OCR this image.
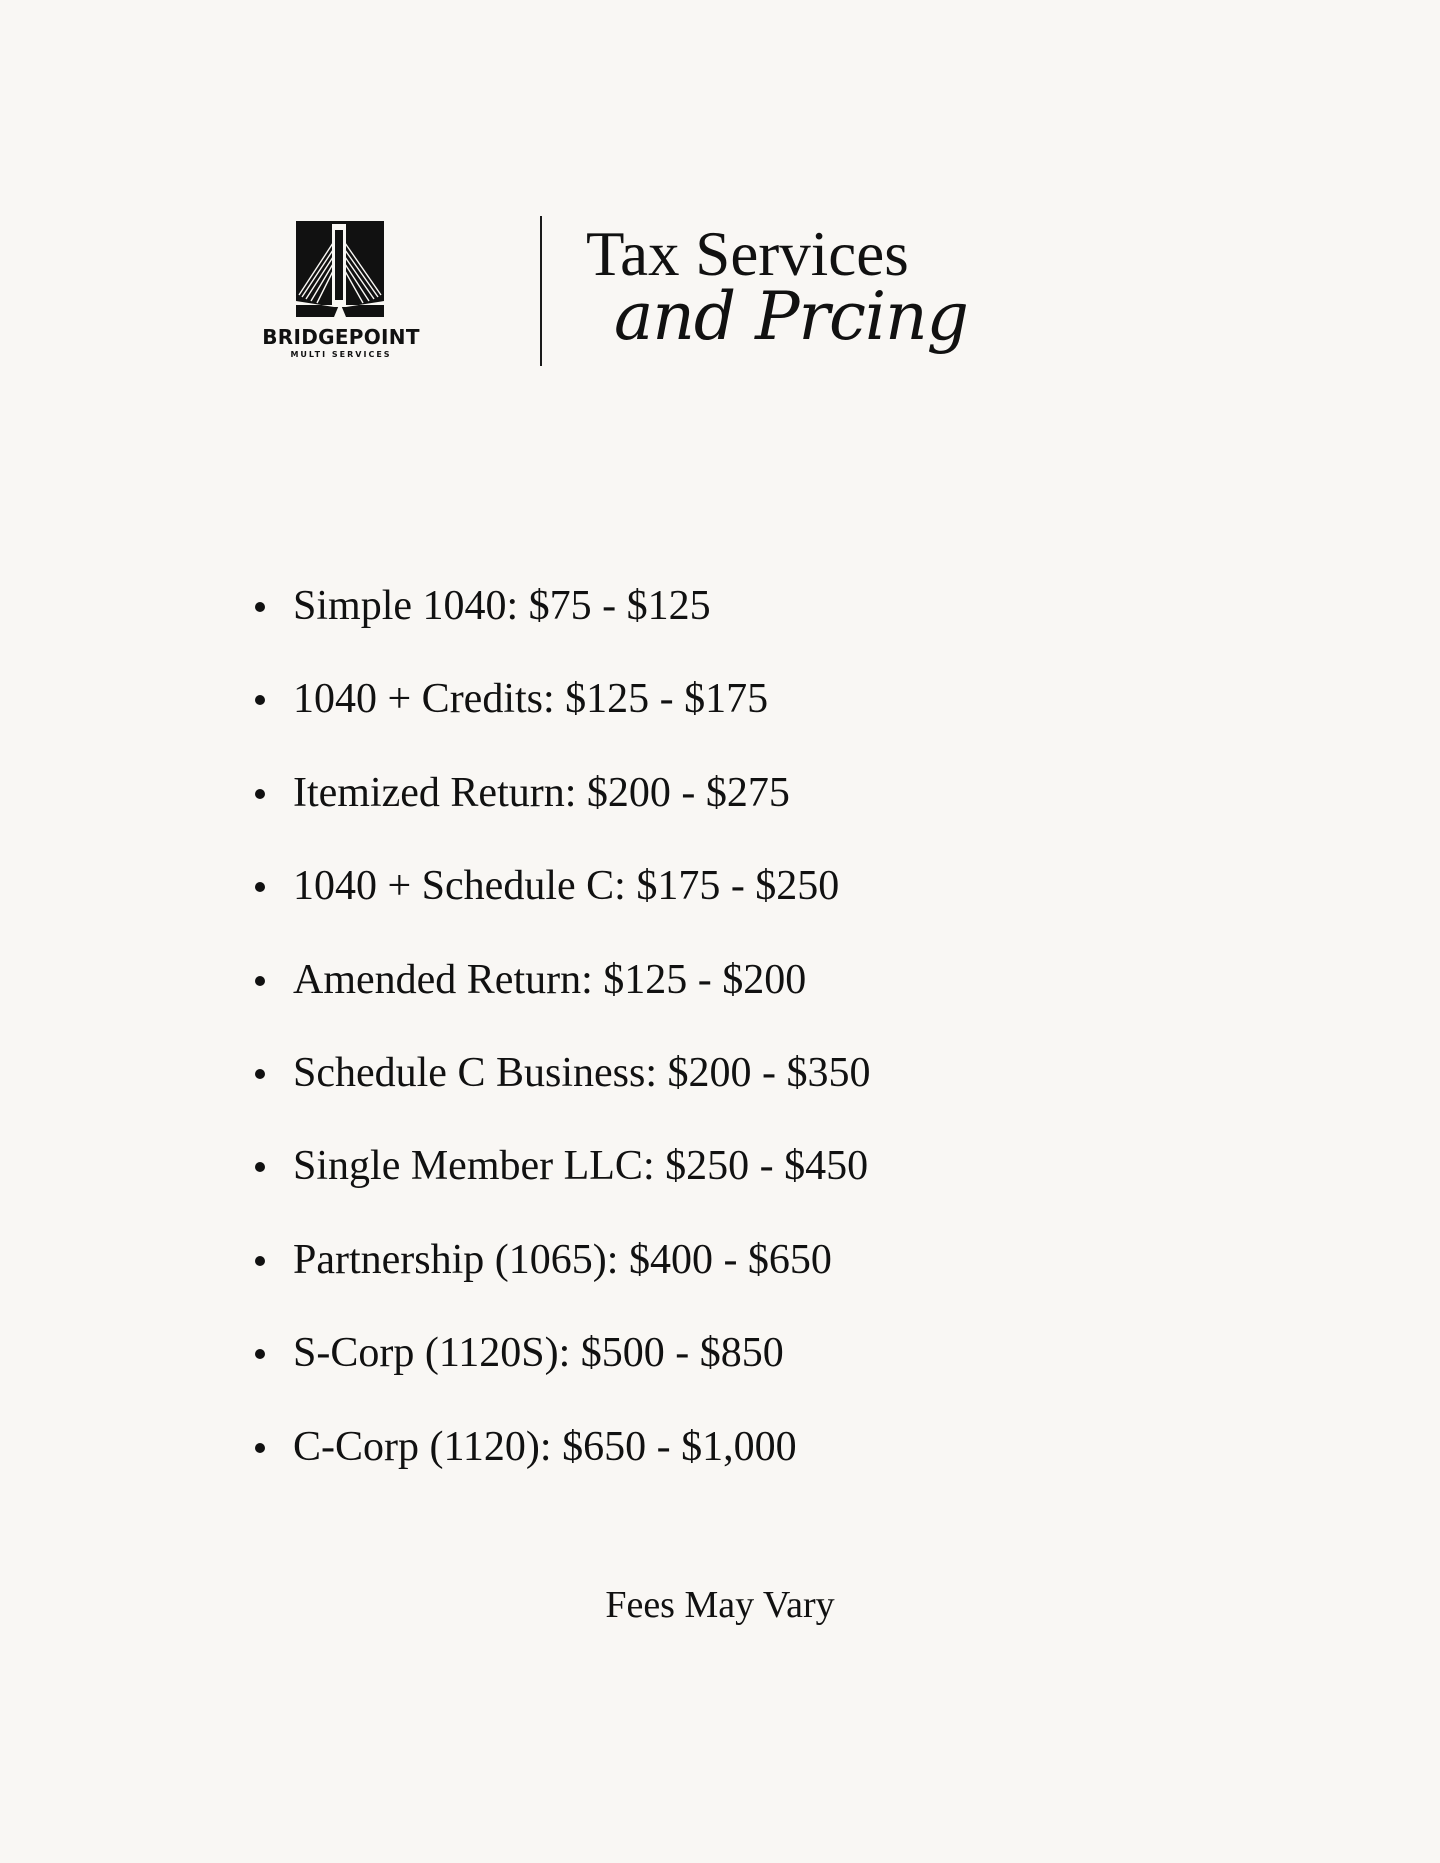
BRIDGEPOINT
MULTI SERVICES
Tax Services
and Prcing
Simple 1040: $75 - $125
1040 + Credits: $125 - $175
Itemized Return: $200 - $275
1040 + Schedule C: $175 - $250
Amended Return: $125 - $200
Schedule C Business: $200 - $350
Single Member LLC: $250 - $450
Partnership (1065): $400 - $650
S-Corp (1120S): $500 - $850
C-Corp (1120): $650 - $1,000
Fees May Vary
